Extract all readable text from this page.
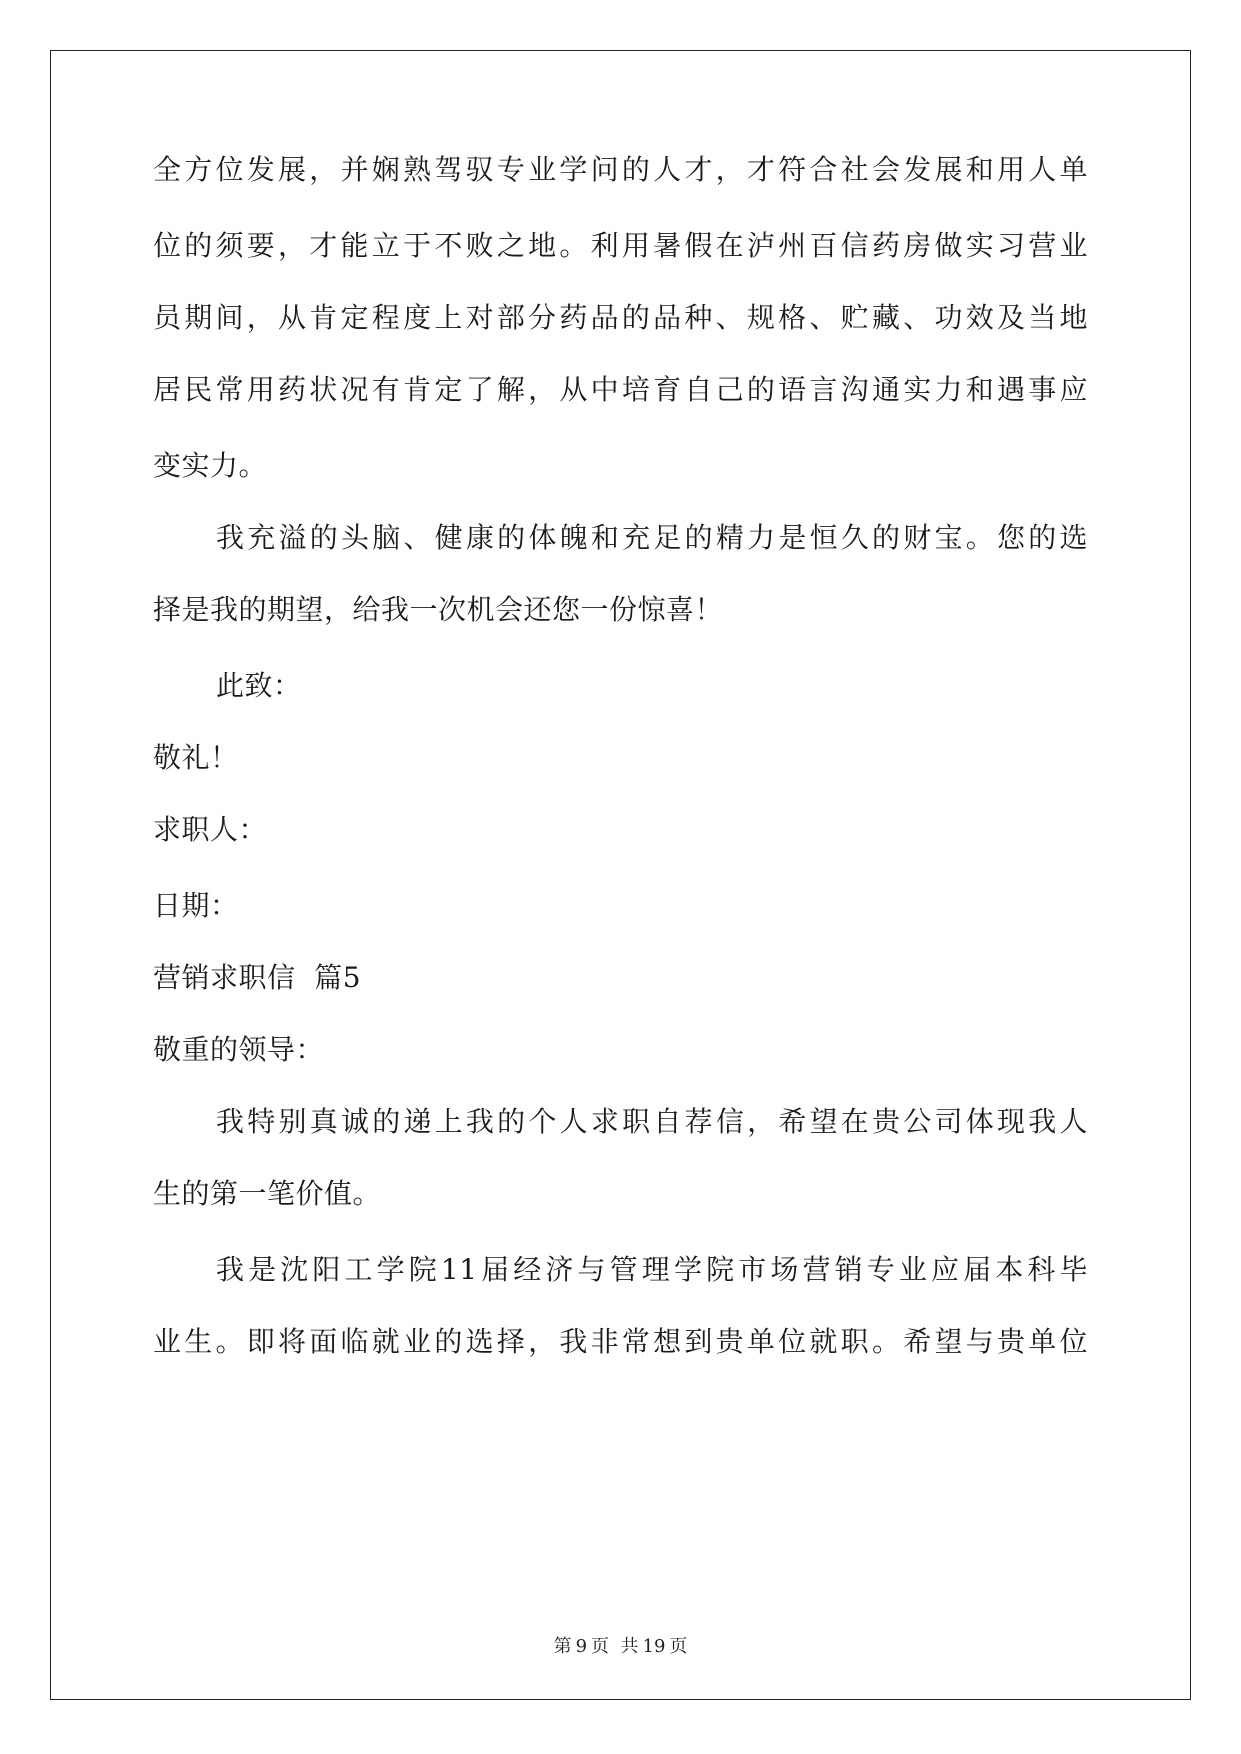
全方位发展，并娴熟驾驭专业学问的人才，才符合社会发展和用人单
位的须要，才能立于不败之地。利用暑假在泸州百信药房做实习营业
员期间，从肯定程度上对部分药品的品种、规格、贮藏、功效及当地
居民常用药状况有肯定了解，从中培育自己的语言沟通实力和遇事应
变实力。
我充溢的头脑、健康的体魄和充足的精力是恒久的财宝。您的选
择是我的期望，给我一次机会还您一份惊喜！
此致：
敬礼！
求职人：
日期：
营销求职信  篇5
敬重的领导：
我特别真诚的递上我的个人求职自荐信，希望在贵公司体现我人
生的第一笔价值。
我是沈阳工学院11届经济与管理学院市场营销专业应届本科毕
业生。即将面临就业的选择，我非常想到贵单位就职。希望与贵单位
第 9 页  共 19 页
